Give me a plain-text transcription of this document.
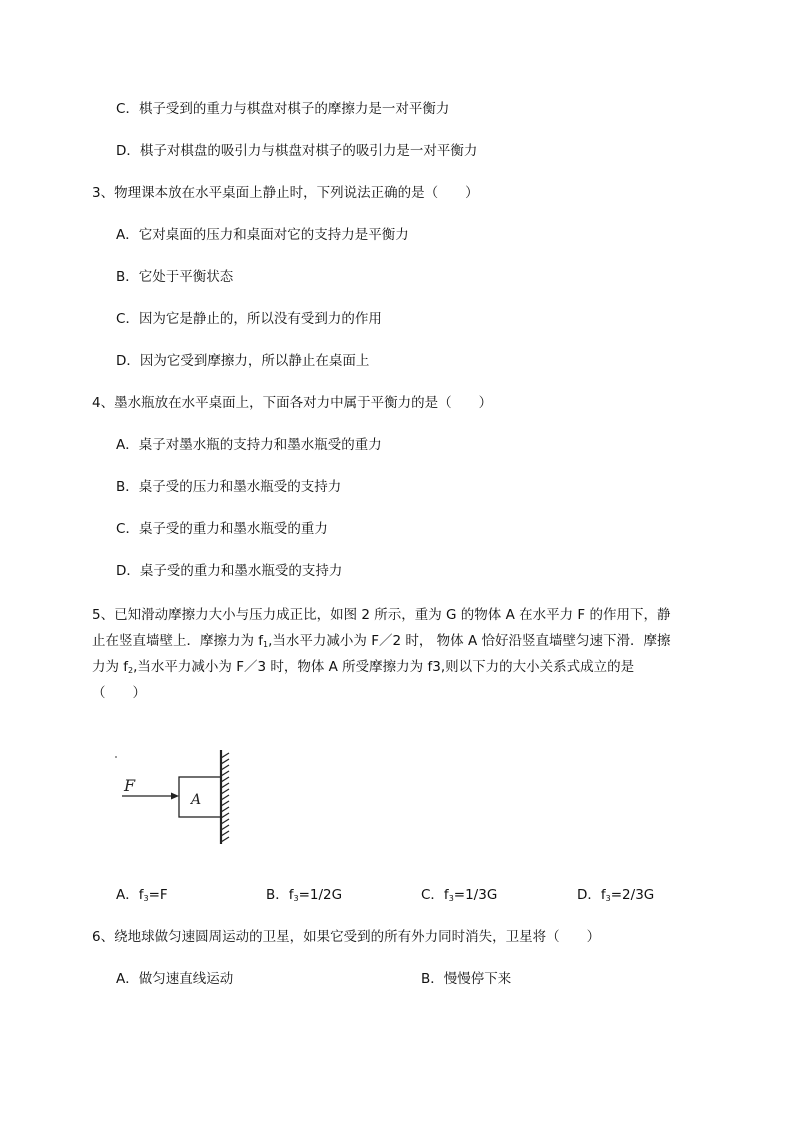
C．棋子受到的重力与棋盘对棋子的摩擦力是一对平衡力
D．棋子对棋盘的吸引力与棋盘对棋子的吸引力是一对平衡力
3、物理课本放在水平桌面上静止时，下列说法正确的是（　　）
A．它对桌面的压力和桌面对它的支持力是平衡力
B．它处于平衡状态
C．因为它是静止的，所以没有受到力的作用
D．因为它受到摩擦力，所以静止在桌面上
4、墨水瓶放在水平桌面上，下面各对力中属于平衡力的是（　　）
A．桌子对墨水瓶的支持力和墨水瓶受的重力
B．桌子受的压力和墨水瓶受的支持力
C．桌子受的重力和墨水瓶受的重力
D．桌子受的重力和墨水瓶受的支持力
5、已知滑动摩擦力大小与压力成正比，如图 2 所示，重为 G 的物体 A 在水平力 F 的作用下，静
止在竖直墙壁上．摩擦力为 $f_1$,当水平力减小为 F／2 时， 物体 A 恰好沿竖直墙壁匀速下滑．摩擦
力为 $f_2$,当水平力减小为 F／3 时，物体 A 所受摩擦力为 f3,则以下力的大小关系式成立的是
（　　）
F
A
A．$f_3=F$	B．$f_3=1/2G$	C．$f_3=1/3G$	D．$f_3=2/3G$
6、绕地球做匀速圆周运动的卫星，如果它受到的所有外力同时消失，卫星将（　　）
A．做匀速直线运动	B．慢慢停下来
